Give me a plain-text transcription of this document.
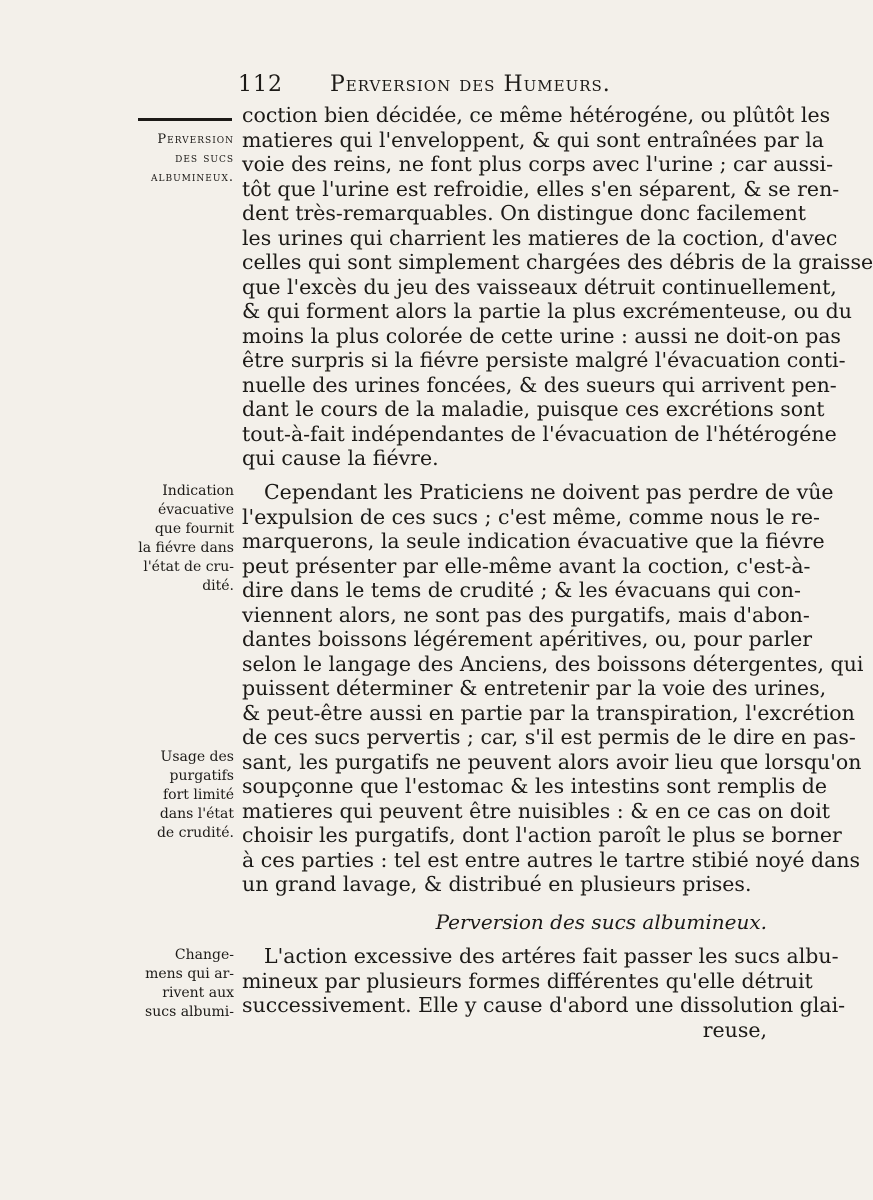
112 Perversion des Humeurs.
Perversion
des sucs
albumineux.
Indication
évacuative
que fournit
la fiévre dans
l'état de cru-
dité.
Usage des
purgatifs
fort limité
dans l'état
de crudité.
Change-
mens qui ar-
rivent aux
sucs albumi-
coction bien décidée, ce même hétérogéne, ou plûtôt les
matieres qui l'enveloppent, & qui sont entraînées par la
voie des reins, ne font plus corps avec l'urine ; car aussi-
tôt que l'urine est refroidie, elles s'en séparent, & se ren-
dent très-remarquables. On distingue donc facilement
les urines qui charrient les matieres de la coction, d'avec
celles qui sont simplement chargées des débris de la graisse
que l'excès du jeu des vaisseaux détruit continuellement,
& qui forment alors la partie la plus excrémenteuse, ou du
moins la plus colorée de cette urine : aussi ne doit-on pas
être surpris si la fiévre persiste malgré l'évacuation conti-
nuelle des urines foncées, & des sueurs qui arrivent pen-
dant le cours de la maladie, puisque ces excrétions sont
tout-à-fait indépendantes de l'évacuation de l'hétérogéne
qui cause la fiévre.
Cependant les Praticiens ne doivent pas perdre de vûe
l'expulsion de ces sucs ; c'est même, comme nous le re-
marquerons, la seule indication évacuative que la fiévre
peut présenter par elle-même avant la coction, c'est-à-
dire dans le tems de crudité ; & les évacuans qui con-
viennent alors, ne sont pas des purgatifs, mais d'abon-
dantes boissons légérement apéritives, ou, pour parler
selon le langage des Anciens, des boissons détergentes, qui
puissent déterminer & entretenir par la voie des urines,
& peut-être aussi en partie par la transpiration, l'excrétion
de ces sucs pervertis ; car, s'il est permis de le dire en pas-
sant, les purgatifs ne peuvent alors avoir lieu que lorsqu'on
soupçonne que l'estomac & les intestins sont remplis de
matieres qui peuvent être nuisibles : & en ce cas on doit
choisir les purgatifs, dont l'action paroît le plus se borner
à ces parties : tel est entre autres le tartre stibié noyé dans
un grand lavage, & distribué en plusieurs prises.
Perversion des sucs albumineux.
L'action excessive des artéres fait passer les sucs albu-
mineux par plusieurs formes différentes qu'elle détruit
successivement. Elle y cause d'abord une dissolution glai-
reuse,
